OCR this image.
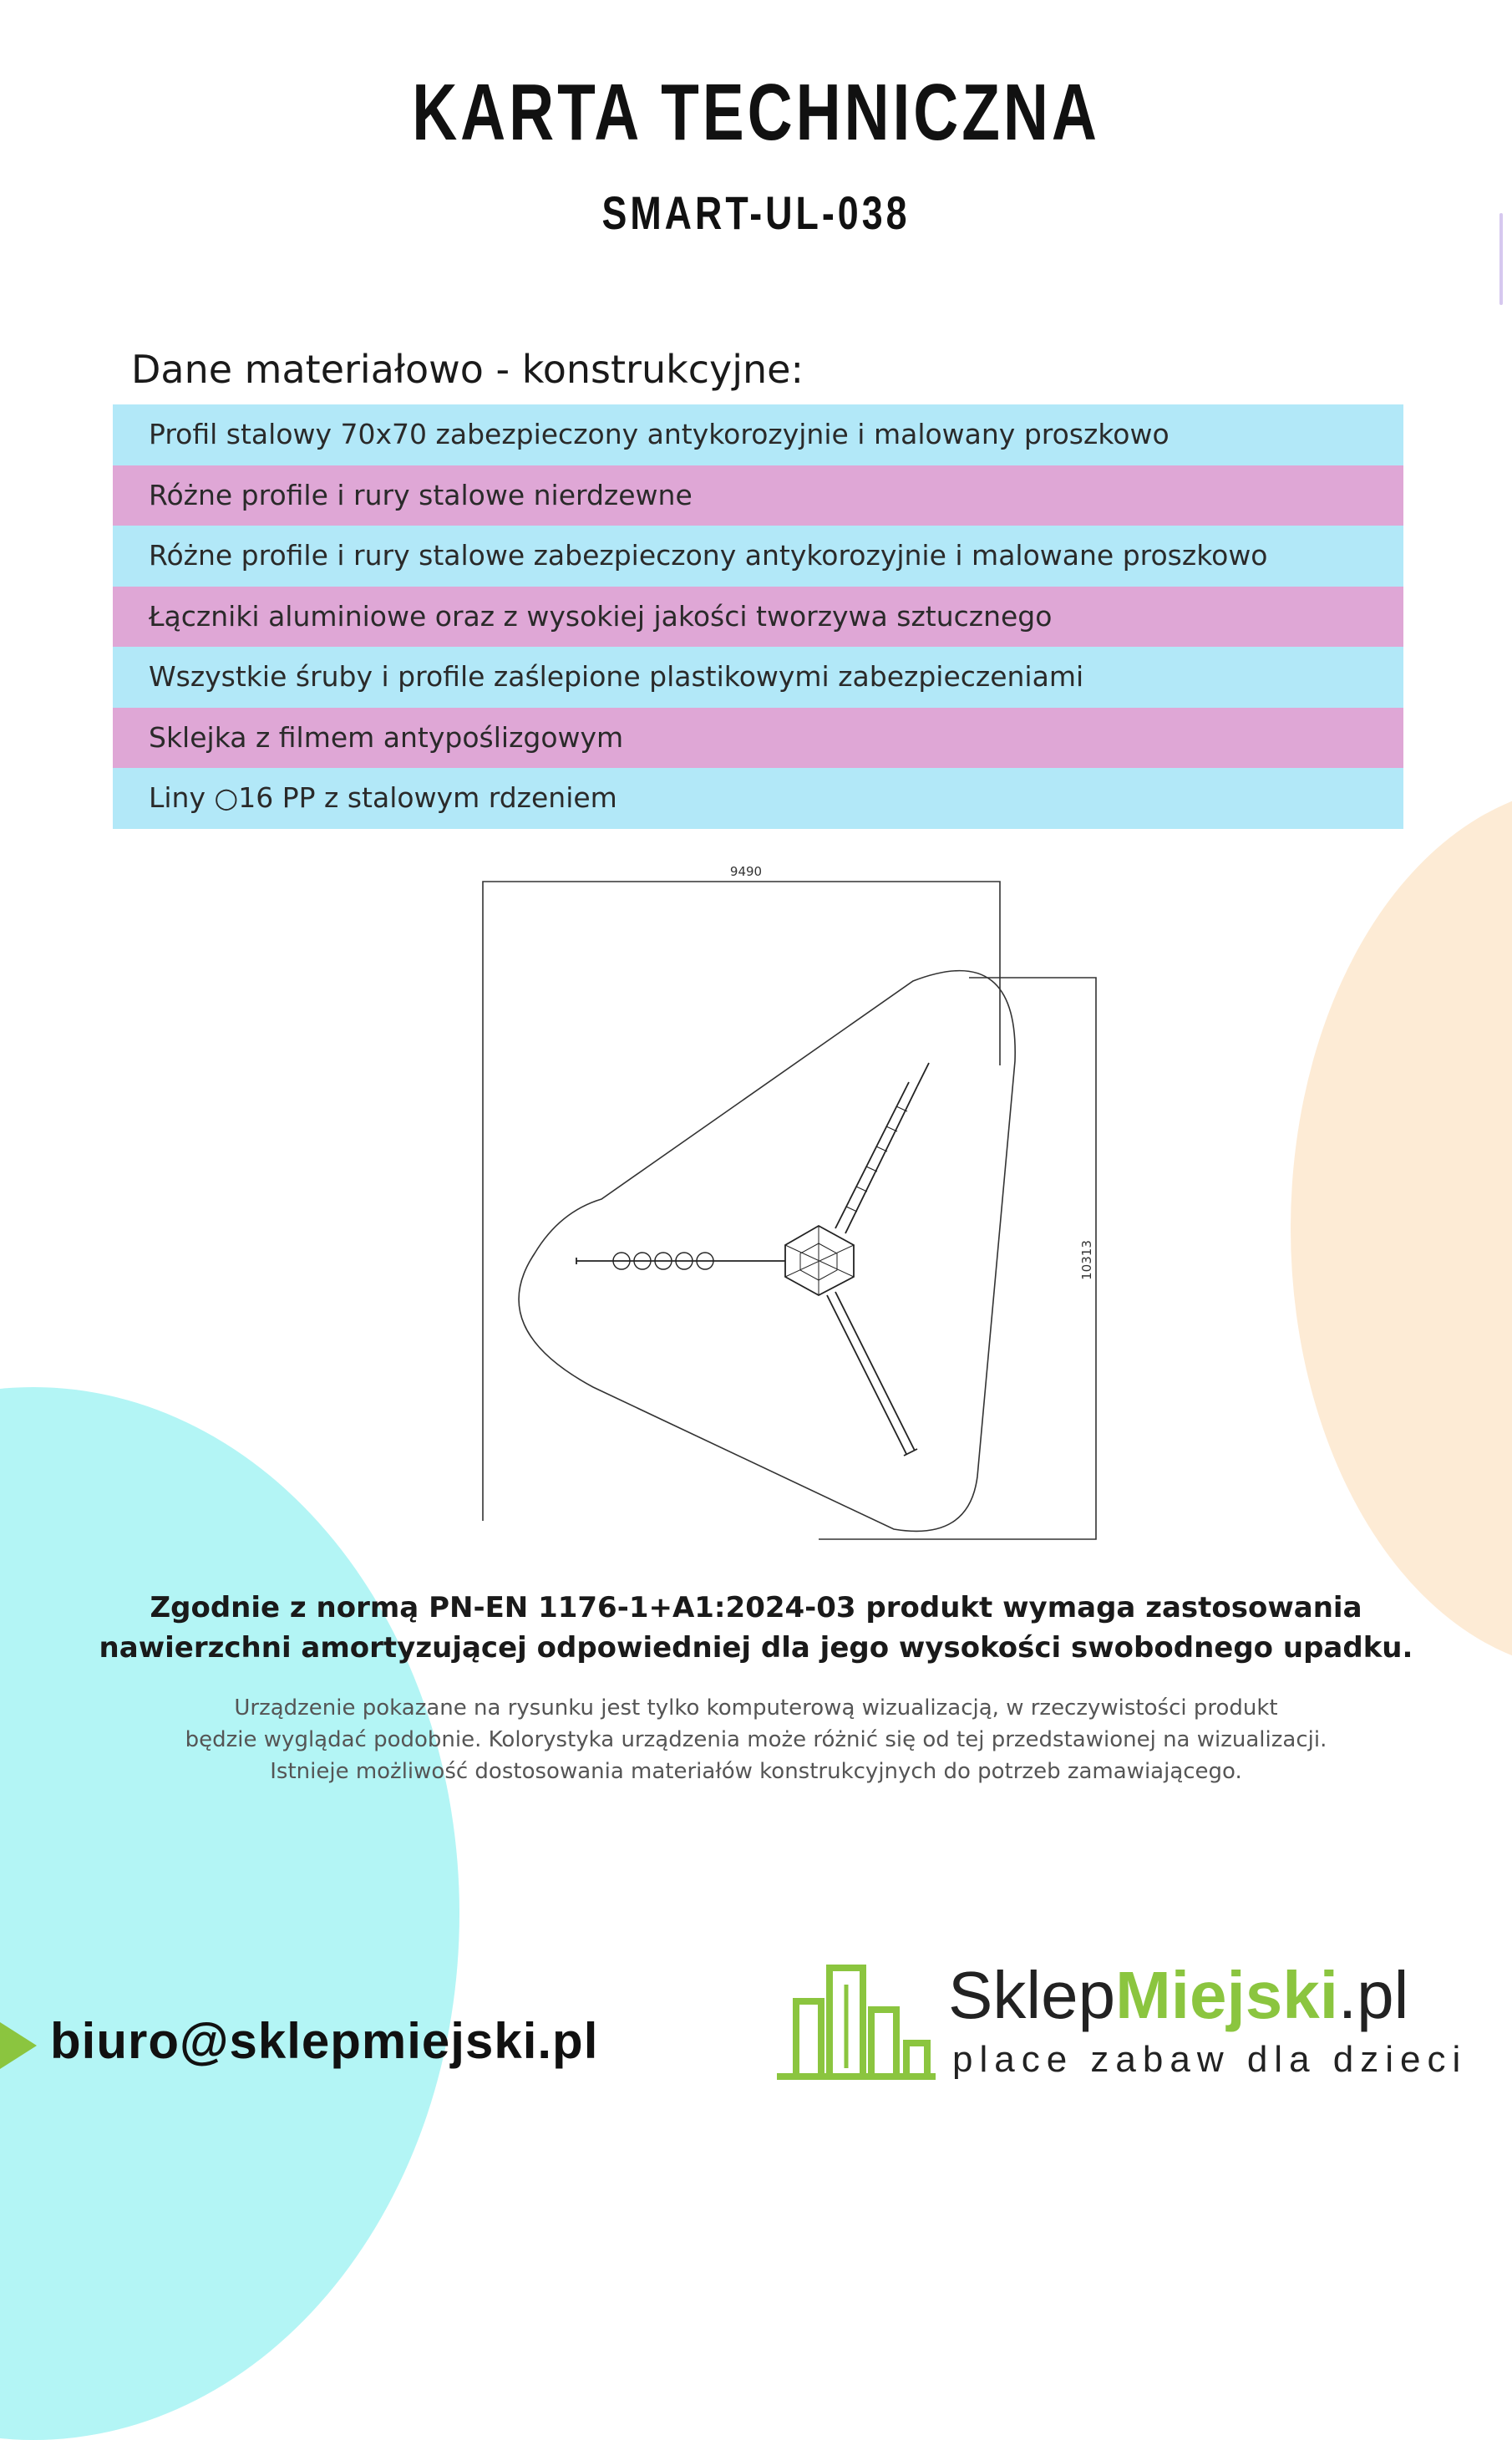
KARTA TECHNICZNA
SMART-UL-038
Dane materiałowo - konstrukcyjne:
Profil stalowy 70x70 zabezpieczony antykorozyjnie i malowany proszkowo
Różne profile i rury stalowe nierdzewne
Różne profile i rury stalowe zabezpieczony antykorozyjnie i malowane proszkowo
Łączniki aluminiowe oraz z wysokiej jakości tworzywa sztucznego
Wszystkie śruby i profile zaślepione plastikowymi zabezpieczeniami
Sklejka z filmem antypoślizgowym
Liny ○16 PP z stalowym rdzeniem
9490
10313
Zgodnie z normą PN-EN 1176-1+A1:2024-03 produkt wymaga zastosowania
nawierzchni amortyzującej odpowiedniej dla jego wysokości swobodnego upadku.
Urządzenie pokazane na rysunku jest tylko komputerową wizualizacją, w rzeczywistości produkt
będzie wyglądać podobnie. Kolorystyka urządzenia może różnić się od tej przedstawionej na wizualizacji.
Istnieje możliwość dostosowania materiałów konstrukcyjnych do potrzeb zamawiającego.
biuro@sklepmiejski.pl
SklepMiejski.pl
place zabaw dla dzieci
